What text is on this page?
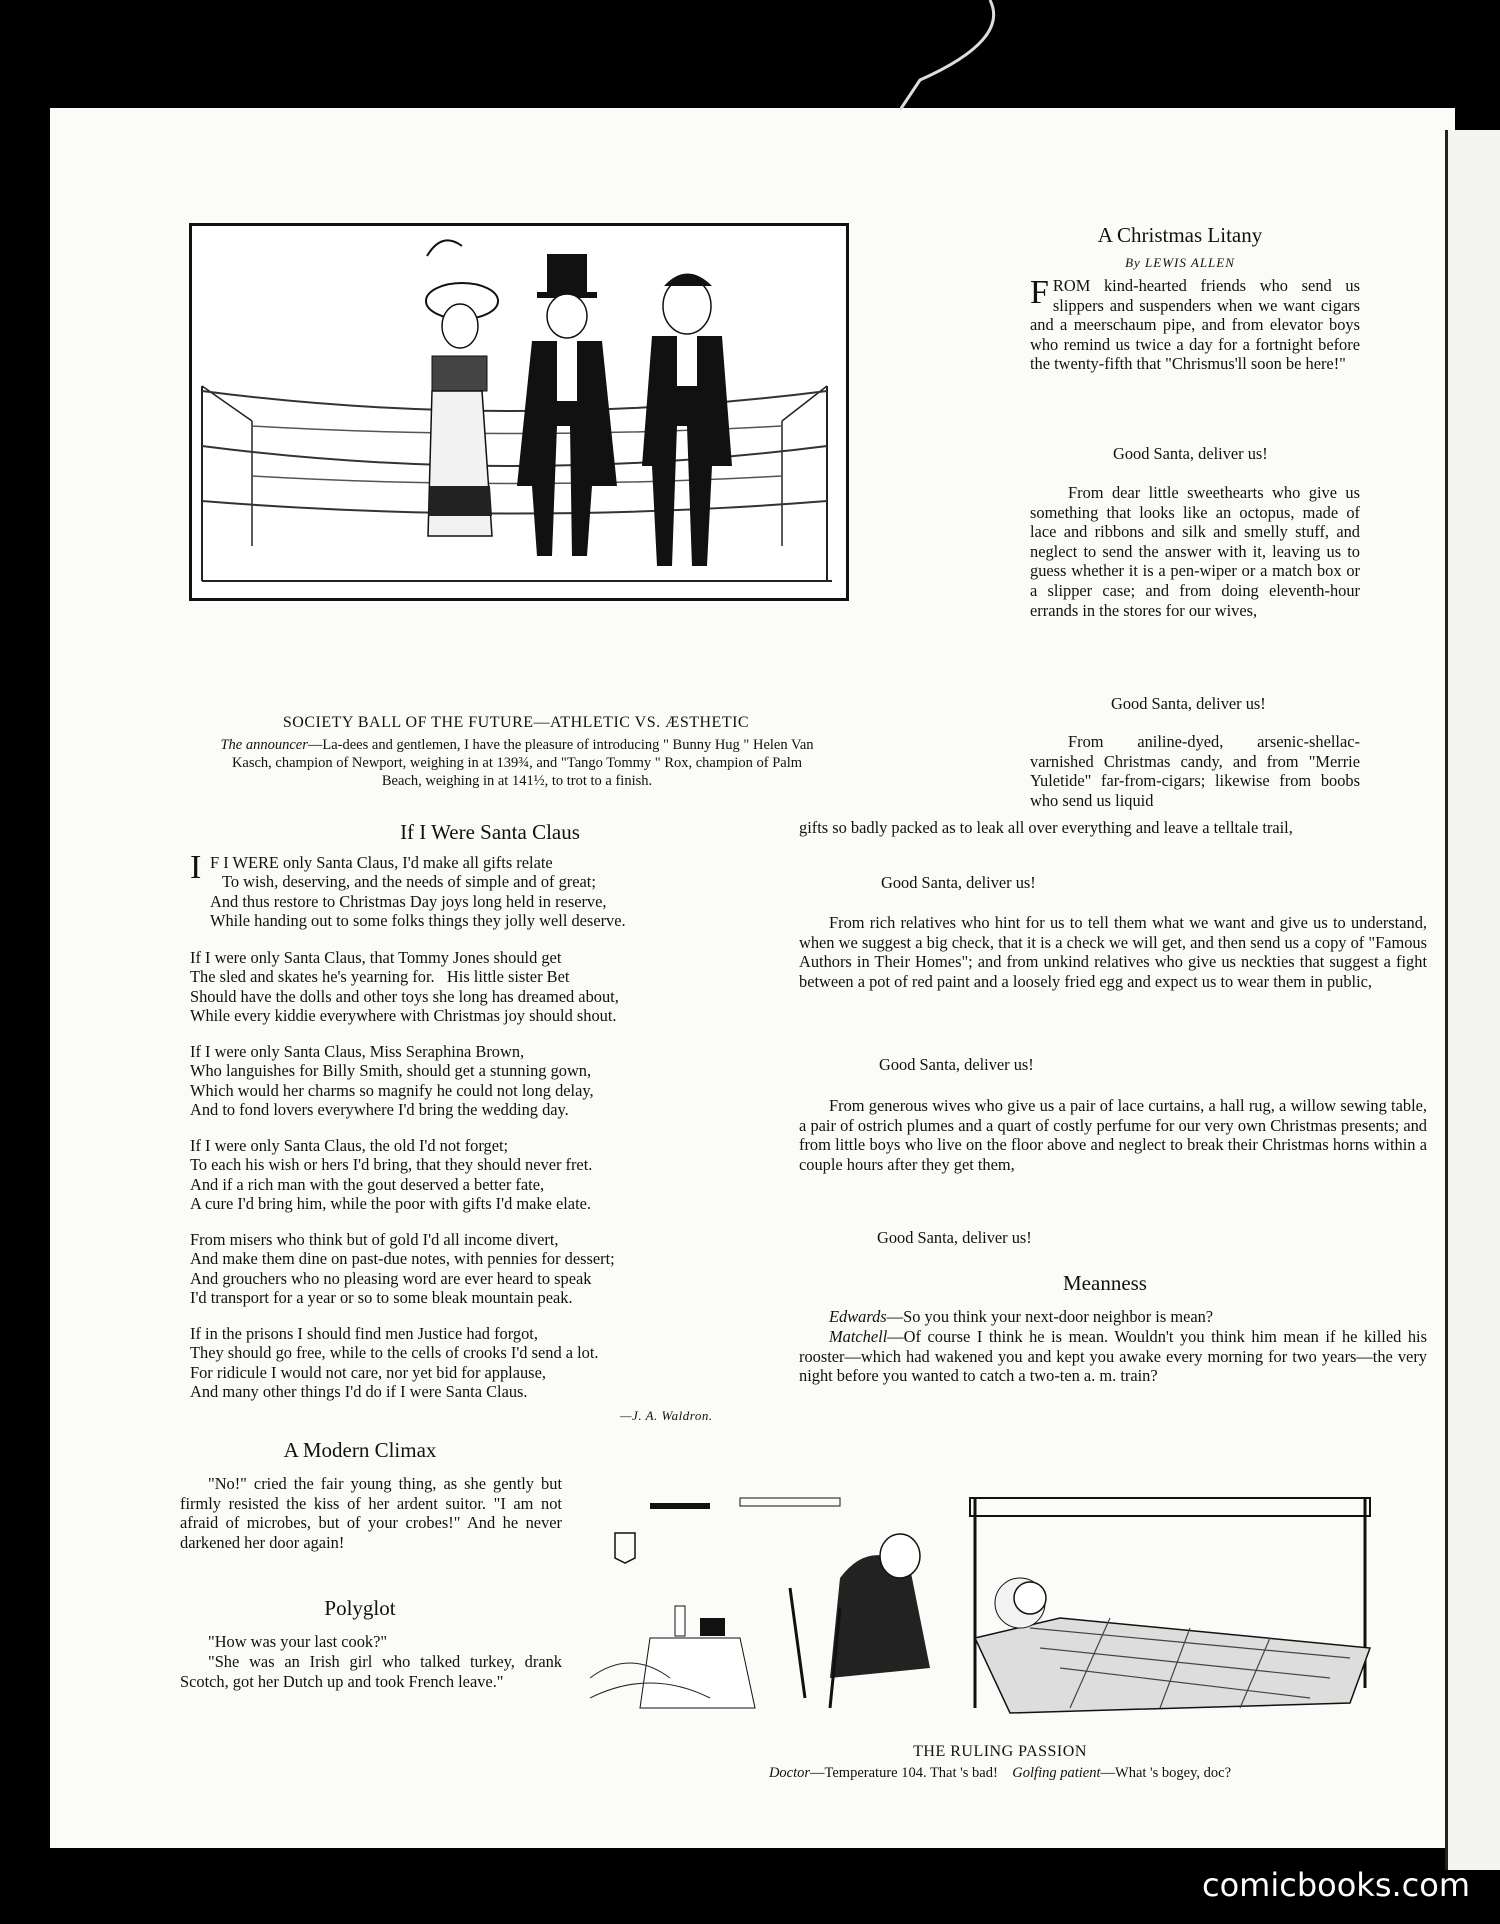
SOCIETY BALL OF THE FUTURE—ATHLETIC VS. ÆSTHETIC
The announcer—La-dees and gentlemen, I have the pleasure of introducing " Bunny Hug " Helen Van
Kasch, champion of Newport, weighing in at 139¾, and "Tango Tommy " Rox, champion of Palm
Beach, weighing in at 141½, to trot to a finish.
A Christmas Litany
By LEWIS ALLEN

FROM kind-hearted friends who send us slippers and suspenders when we want cigars and a meerschaum pipe, and from elevator boys who remind us twice a day for a fortnight before the twenty-fifth that "Chrismus'll soon be here!"

Good Santa, deliver us!

From dear little sweethearts who give us something that looks like an octopus, made of lace and ribbons and silk and smelly stuff, and neglect to send the answer with it, leaving us to guess whether it is a pen-wiper or a match box or a slipper case; and from doing eleventh-hour errands in the stores for our wives,

Good Santa, deliver us!

From aniline-dyed, arsenic-shellac-varnished Christmas candy, and from "Merrie Yuletide" far-from-cigars; likewise from boobs who send us liquid

gifts so badly packed as to leak all over everything and leave a telltale trail,

Good Santa, deliver us!

From rich relatives who hint for us to tell them what we want and give us to understand, when we suggest a big check, that it is a check we will get, and then send us a copy of "Famous Authors in Their Homes"; and from unkind relatives who give us neckties that suggest a fight between a pot of red paint and a loosely fried egg and expect us to wear them in public,

Good Santa, deliver us!

From generous wives who give us a pair of lace curtains, a hall rug, a willow sewing table, a pair of ostrich plumes and a quart of costly perfume for our very own Christmas presents; and from little boys who live on the floor above and neglect to break their Christmas horns within a couple hours after they get them,

Good Santa, deliver us!
If I Were Santa Claus
I F I WERE only Santa Claus, I'd make all gifts relate
To wish, deserving, and the needs of simple and of great;
And thus restore to Christmas Day joys long held in reserve,
While handing out to some folks things they jolly well deserve.
If I were only Santa Claus, that Tommy Jones should get
The sled and skates he's yearning for.   His little sister Bet
Should have the dolls and other toys she long has dreamed about,
While every kiddie everywhere with Christmas joy should shout.
If I were only Santa Claus, Miss Seraphina Brown,
Who languishes for Billy Smith, should get a stunning gown,
Which would her charms so magnify he could not long delay,
And to fond lovers everywhere I'd bring the wedding day.
If I were only Santa Claus, the old I'd not forget;
To each his wish or hers I'd bring, that they should never fret.
And if a rich man with the gout deserved a better fate,
A cure I'd bring him, while the poor with gifts I'd make elate.
From misers who think but of gold I'd all income divert,
And make them dine on past-due notes, with pennies for dessert;
And grouchers who no pleasing word are ever heard to speak
I'd transport for a year or so to some bleak mountain peak.
If in the prisons I should find men Justice had forgot,
They should go free, while to the cells of crooks I'd send a lot.
For ridicule I would not care, nor yet bid for applause,
And many other things I'd do if I were Santa Claus.
—J. A. Waldron.
Meanness

Edwards—So you think your next-door neighbor is mean?

Matchell—Of course I think he is mean. Wouldn't you think him mean if he killed his rooster—which had wakened you and kept you awake every morning for two years—the very night before you wanted to catch a two-ten a. m. train?

A Modern Climax

"No!" cried the fair young thing, as she gently but firmly resisted the kiss of her ardent suitor. "I am not afraid of microbes, but of your crobes!" And he never darkened her door again!

Polyglot

"How was your last cook?"

"She was an Irish girl who talked turkey, drank Scotch, got her Dutch up and took French leave."

THE RULING PASSION
Doctor—Temperature 104. That 's bad! Golfing patient—What 's bogey, doc?
comicbooks.com
